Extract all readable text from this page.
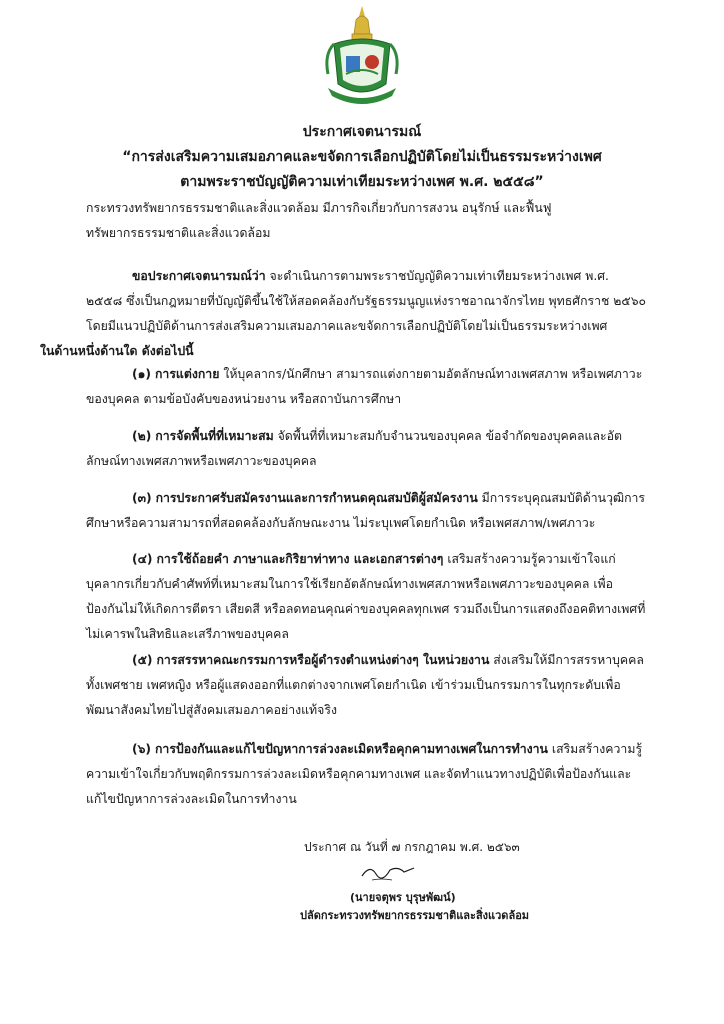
ประกาศเจตนารมณ์
“การส่งเสริมความเสมอภาคและขจัดการเลือกปฏิบัติโดยไม่เป็นธรรมระหว่างเพศ
ตามพระราชบัญญัติความเท่าเทียมระหว่างเพศ พ.ศ. ๒๕๕๘”
กระทรวงทรัพยากรธรรมชาติและสิ่งแวดล้อม มีภารกิจเกี่ยวกับการสงวน อนุรักษ์ และฟื้นฟูทรัพยากรธรรมชาติและสิ่งแวดล้อม
ขอประกาศเจตนารมณ์ว่า จะดำเนินการตามพระราชบัญญัติความเท่าเทียมระหว่างเพศ พ.ศ. ๒๕๕๘ ซึ่งเป็นกฎหมายที่บัญญัติขึ้นใช้ให้สอดคล้องกับรัฐธรรมนูญแห่งราชอาณาจักรไทย พุทธศักราช ๒๕๖๐ โดยมีแนวปฏิบัติด้านการส่งเสริมความเสมอภาคและขจัดการเลือกปฏิบัติโดยไม่เป็นธรรมระหว่างเพศ
ในด้านหนึ่งด้านใด ดังต่อไปนี้
(๑) การแต่งกาย ให้บุคลากร/นักศึกษา สามารถแต่งกายตามอัตลักษณ์ทางเพศสภาพ หรือเพศภาวะของบุคคล ตามข้อบังคับของหน่วยงาน หรือสถาบันการศึกษา
(๒) การจัดพื้นที่ที่เหมาะสม จัดพื้นที่ที่เหมาะสมกับจำนวนของบุคคล ข้อจำกัดของบุคคลและอัตลักษณ์ทางเพศสภาพหรือเพศภาวะของบุคคล
(๓) การประกาศรับสมัครงานและการกำหนดคุณสมบัติผู้สมัครงาน มีการระบุคุณสมบัติด้านวุฒิการศึกษาหรือความสามารถที่สอดคล้องกับลักษณะงาน ไม่ระบุเพศโดยกำเนิด หรือเพศสภาพ/เพศภาวะ
(๔) การใช้ถ้อยคำ ภาษาและกิริยาท่าทาง และเอกสารต่างๆ เสริมสร้างความรู้ความเข้าใจแก่บุคลากรเกี่ยวกับคำศัพท์ที่เหมาะสมในการใช้เรียกอัตลักษณ์ทางเพศสภาพหรือเพศภาวะของบุคคล เพื่อป้องกันไม่ให้เกิดการตีตรา เสียดสี หรือลดทอนคุณค่าของบุคคลทุกเพศ รวมถึงเป็นการแสดงถึงอคติทางเพศที่ไม่เคารพในสิทธิและเสรีภาพของบุคคล
(๕) การสรรหาคณะกรรมการหรือผู้ดำรงตำแหน่งต่างๆ ในหน่วยงาน ส่งเสริมให้มีการสรรหาบุคคลทั้งเพศชาย เพศหญิง หรือผู้แสดงออกที่แตกต่างจากเพศโดยกำเนิด เข้าร่วมเป็นกรรมการในทุกระดับเพื่อพัฒนาสังคมไทยไปสู่สังคมเสมอภาคอย่างแท้จริง
(๖) การป้องกันและแก้ไขปัญหาการล่วงละเมิดหรือคุกคามทางเพศในการทำงาน เสริมสร้างความรู้ความเข้าใจเกี่ยวกับพฤติกรรมการล่วงละเมิดหรือคุกคามทางเพศ และจัดทำแนวทางปฏิบัติเพื่อป้องกันและแก้ไขปัญหาการล่วงละเมิดในการทำงาน
ประกาศ ณ วันที่ ๗ กรกฎาคม พ.ศ. ๒๕๖๓
(นายจตุพร บุรุษพัฒน์)
ปลัดกระทรวงทรัพยากรธรรมชาติและสิ่งแวดล้อม
